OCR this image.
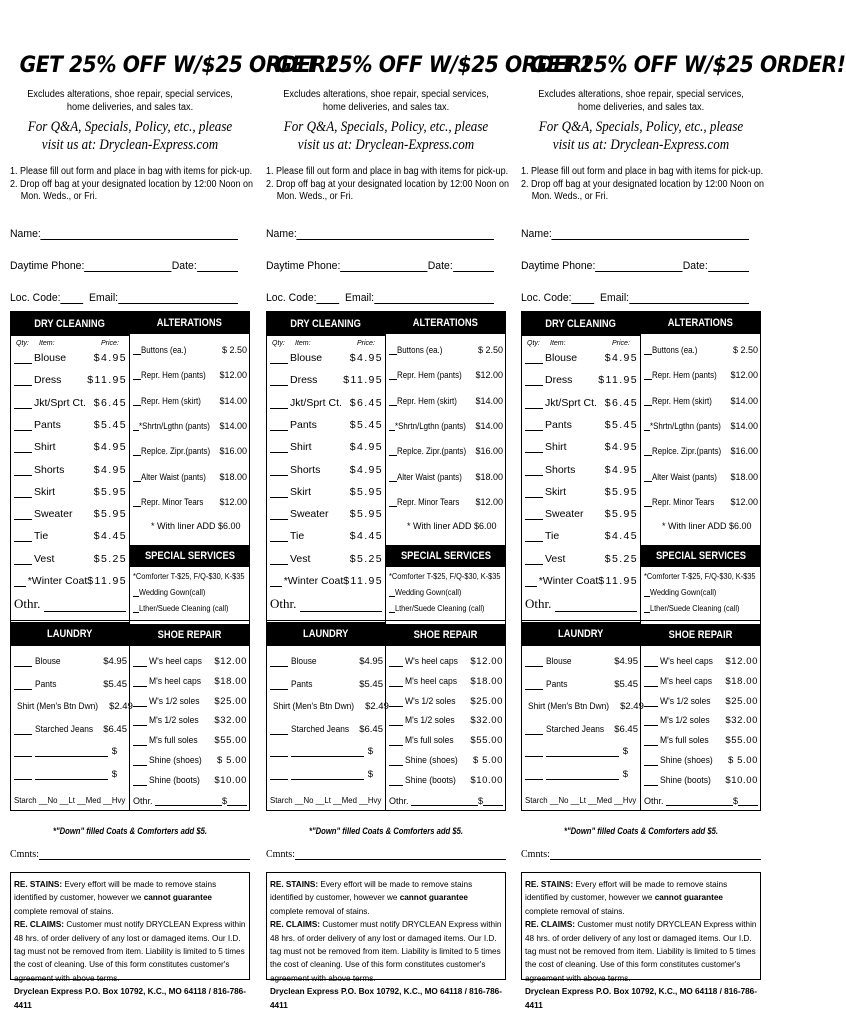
GET 25% OFF W/$25 ORDER!
Excludes alterations, shoe repair, special services,
home deliveries, and sales tax.
For Q&A, Specials, Policy, etc., please
visit us at: Dryclean-Express.com
1. Please fill out form and place in bag with items for pick-up.
2. Drop off bag at your designated location by 12:00 Noon on
Mon. Weds., or Fri.
Name:
Daytime Phone:	Date:
Loc. Code:	Email:
DRY CLEANING	ALTERATIONS
Qty: Item:	Price:
Blouse	$4.95
Dress	$11.95
Jkt/Sprt Ct. $6.45
Pants	$5.45
Shirt	$4.95
Shorts	$4.95
Skirt	$5.95
Sweater	$5.95
Tie	$4.45
Vest	$5.25
*Winter Coat $11.95
Othr.
Buttons (ea.)	$ 2.50
Repr. Hem (pants)	$12.00
Repr. Hem (skirt)	$14.00
*Shrtn/Lgthn (pants) $14.00
Replce. Zipr.(pants) $16.00
Alter Waist (pants)	$18.00
Repr. Minor Tears	$12.00
* With liner ADD $6.00
SPECIAL SERVICES
*Comforter T-$25, F/Q-$30, K-$35
Wedding Gown(call)
Lther/Suede Cleaning (call)
LAUNDRY	SHOE REPAIR
Blouse	$4.95
Pants	$5.45
Shirt (Men's Btn Dwn) $2.49
Starched Jeans $6.45
$
$
Starch __No __Lt __Med __Hvy
W's heel caps	$12.00
M's heel caps	$18.00
W's 1/2 soles	$25.00
M's 1/2 soles	$32.00
M's full soles	$55.00
Shine (shoes)	$ 5.00
Shine (boots)	$10.00
Othr.	$
*"Down" filled Coats & Comforters add $5.
Cmnts:
RE. STAINS: Every effort will be made to remove stains identified by customer, however we cannot guarantee complete removal of stains.
RE. CLAIMS: Customer must notify DRYCLEAN Express within 48 hrs. of order delivery of any lost or damaged items. Our I.D. tag must not be removed from item. Liability is limited to 5 times the cost of cleaning. Use of this form constitutes customer's agreement with above terms.
Dryclean Express P.O. Box 10792, K.C., MO 64118 / 816-786-4411
GET 25% OFF W/$25 ORDER!
Excludes alterations, shoe repair, special services,
home deliveries, and sales tax.
For Q&A, Specials, Policy, etc., please
visit us at: Dryclean-Express.com
1. Please fill out form and place in bag with items for pick-up.
2. Drop off bag at your designated location by 12:00 Noon on
Mon. Weds., or Fri.
Name:
Daytime Phone:	Date:
Loc. Code:	Email:
DRY CLEANING	ALTERATIONS
Qty: Item:	Price:
Blouse	$4.95
Dress	$11.95
Jkt/Sprt Ct. $6.45
Pants	$5.45
Shirt	$4.95
Shorts	$4.95
Skirt	$5.95
Sweater	$5.95
Tie	$4.45
Vest	$5.25
*Winter Coat $11.95
Othr.
Buttons (ea.)	$ 2.50
Repr. Hem (pants)	$12.00
Repr. Hem (skirt)	$14.00
*Shrtn/Lgthn (pants) $14.00
Replce. Zipr.(pants) $16.00
Alter Waist (pants)	$18.00
Repr. Minor Tears	$12.00
* With liner ADD $6.00
SPECIAL SERVICES
*Comforter T-$25, F/Q-$30, K-$35
Wedding Gown(call)
Lther/Suede Cleaning (call)
LAUNDRY	SHOE REPAIR
Blouse	$4.95
Pants	$5.45
Shirt (Men's Btn Dwn) $2.49
Starched Jeans $6.45
$
$
Starch __No __Lt __Med __Hvy
W's heel caps	$12.00
M's heel caps	$18.00
W's 1/2 soles	$25.00
M's 1/2 soles	$32.00
M's full soles	$55.00
Shine (shoes)	$ 5.00
Shine (boots)	$10.00
Othr.	$
*"Down" filled Coats & Comforters add $5.
Cmnts:
RE. STAINS: Every effort will be made to remove stains identified by customer, however we cannot guarantee complete removal of stains.
RE. CLAIMS: Customer must notify DRYCLEAN Express within 48 hrs. of order delivery of any lost or damaged items. Our I.D. tag must not be removed from item. Liability is limited to 5 times the cost of cleaning. Use of this form constitutes customer's agreement with above terms.
Dryclean Express P.O. Box 10792, K.C., MO 64118 / 816-786-4411
GET 25% OFF W/$25 ORDER!
Excludes alterations, shoe repair, special services,
home deliveries, and sales tax.
For Q&A, Specials, Policy, etc., please
visit us at: Dryclean-Express.com
1. Please fill out form and place in bag with items for pick-up.
2. Drop off bag at your designated location by 12:00 Noon on
Mon. Weds., or Fri.
Name:
Daytime Phone:	Date:
Loc. Code:	Email:
DRY CLEANING	ALTERATIONS
Qty: Item:	Price:
Blouse	$4.95
Dress	$11.95
Jkt/Sprt Ct. $6.45
Pants	$5.45
Shirt	$4.95
Shorts	$4.95
Skirt	$5.95
Sweater	$5.95
Tie	$4.45
Vest	$5.25
*Winter Coat $11.95
Othr.
Buttons (ea.)	$ 2.50
Repr. Hem (pants)	$12.00
Repr. Hem (skirt)	$14.00
*Shrtn/Lgthn (pants) $14.00
Replce. Zipr.(pants) $16.00
Alter Waist (pants)	$18.00
Repr. Minor Tears	$12.00
* With liner ADD $6.00
SPECIAL SERVICES
*Comforter T-$25, F/Q-$30, K-$35
Wedding Gown(call)
Lther/Suede Cleaning (call)
LAUNDRY	SHOE REPAIR
Blouse	$4.95
Pants	$5.45
Shirt (Men's Btn Dwn) $2.49
Starched Jeans $6.45
$
$
Starch __No __Lt __Med __Hvy
W's heel caps	$12.00
M's heel caps	$18.00
W's 1/2 soles	$25.00
M's 1/2 soles	$32.00
M's full soles	$55.00
Shine (shoes)	$ 5.00
Shine (boots)	$10.00
Othr.	$
*"Down" filled Coats & Comforters add $5.
Cmnts:
RE. STAINS: Every effort will be made to remove stains identified by customer, however we cannot guarantee complete removal of stains.
RE. CLAIMS: Customer must notify DRYCLEAN Express within 48 hrs. of order delivery of any lost or damaged items. Our I.D. tag must not be removed from item. Liability is limited to 5 times the cost of cleaning. Use of this form constitutes customer's agreement with above terms.
Dryclean Express P.O. Box 10792, K.C., MO 64118 / 816-786-4411
